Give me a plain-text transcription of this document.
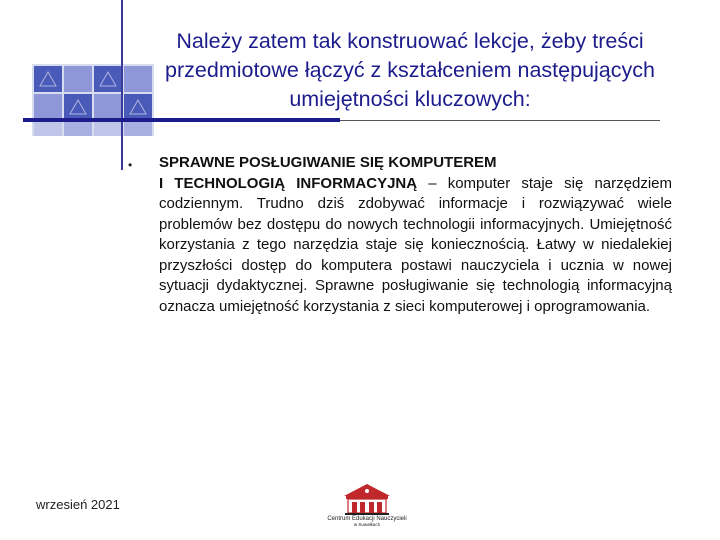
Należy zatem tak konstruować lekcje, żeby treści przedmiotowe łączyć z kształceniem następujących umiejętności kluczowych:
• SPRAWNE POSŁUGIWANIE SIĘ KOMPUTEREM
I TECHNOLOGIĄ INFORMACYJNĄ – komputer staje się narzędziem codziennym. Trudno dziś zdobywać informacje i rozwiązywać wiele problemów bez dostępu do nowych technologii informacyjnych. Umiejętność korzystania z tego narzędzia staje się koniecznością. Łatwy w niedalekiej przyszłości dostęp do komputera postawi nauczyciela i ucznia w nowej sytuacji dydaktycznej. Sprawne posługiwanie się technologią informacyjną oznacza umiejętność korzystania z sieci komputerowej i oprogramowania.
wrzesień 2021
Centrum Edukacji Nauczycieli
w Suwałkach
